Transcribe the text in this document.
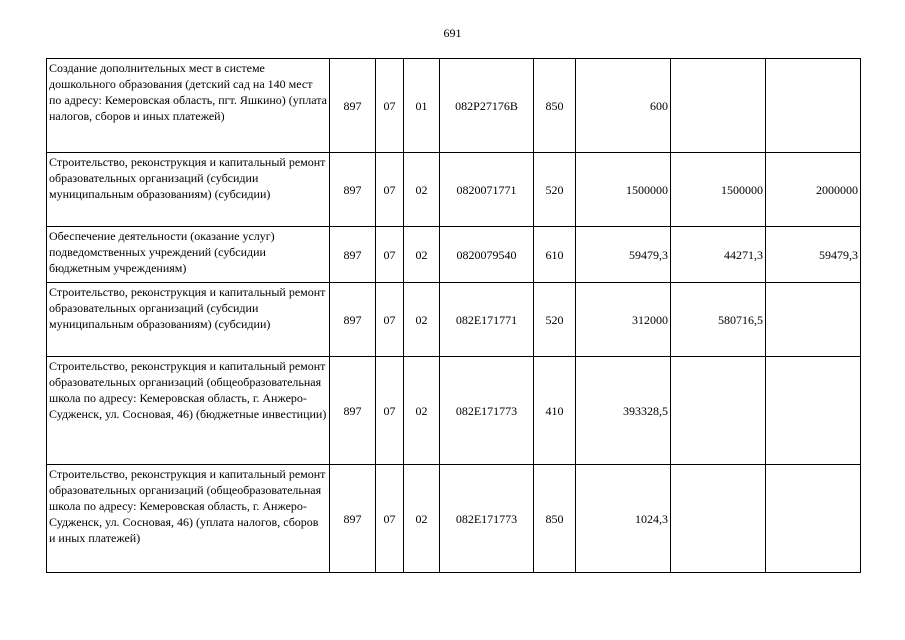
691
Создание дополнительных мест в системе дошкольного образования (детский сад на 140 мест по адресу: Кемеровская область, пгт. Яшкино) (уплата налогов, сборов и иных платежей)	897	07	01	082P27176B	850	600		
Строительство, реконструкция и капитальный ремонт образовательных организаций (субсидии муниципальным образованиям) (субсидии)	897	07	02	0820071771	520	1500000	1500000	2000000
Обеспечение деятельности (оказание услуг) подведомственных учреждений (субсидии бюджетным учреждениям)	897	07	02	0820079540	610	59479,3	44271,3	59479,3
Строительство, реконструкция и капитальный ремонт образовательных организаций (субсидии муниципальным образованиям) (субсидии)	897	07	02	082E171771	520	312000	580716,5	
Строительство, реконструкция и капитальный ремонт образовательных организаций (общеобразовательная школа по адресу: Кемеровская область, г. Анжеро-Судженск, ул. Сосновая, 46) (бюджетные инвестиции)	897	07	02	082E171773	410	393328,5		
Строительство, реконструкция и капитальный ремонт образовательных организаций (общеобразовательная школа по адресу: Кемеровская область, г. Анжеро-Судженск, ул. Сосновая, 46) (уплата налогов, сборов и иных платежей)	897	07	02	082E171773	850	1024,3		
